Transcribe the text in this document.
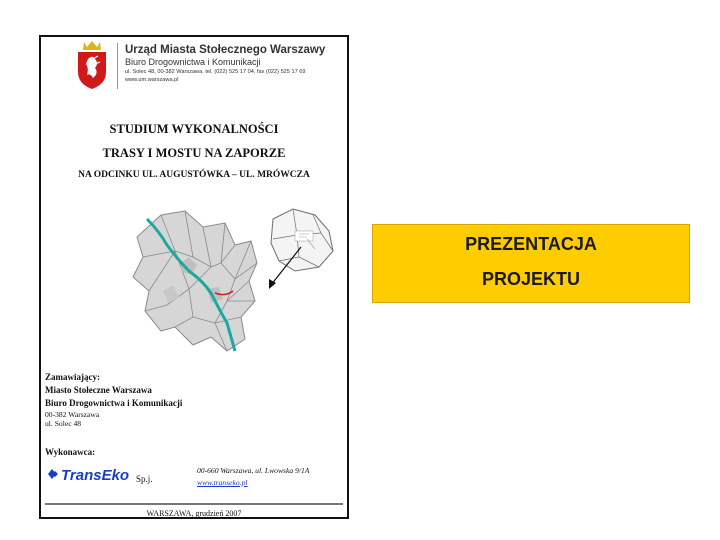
Urząd Miasta Stołecznego Warszawy
Biuro Drogownictwa i Komunikacji
ul. Solec 48, 00-382 Warszawa, tel. (022) 525 17 04, fax (022) 525 17 69
www.um.warszawa.pl
STUDIUM WYKONALNOŚCI
TRASY I MOSTU NA ZAPORZE
NA ODCINKU UL. AUGUSTÓWKA – UL. MRÓWCZA
Zamawiający:
Miasto Stołeczne Warszawa
Biuro Drogownictwa i Komunikacji
00-382 Warszawa
ul. Solec 48
Wykonawca:
TransEko Sp.j.
00-660 Warszawa, ul. Lwowska 9/1A
www.transeko.pl
WARSZAWA, grudzień 2007
PREZENTACJA
PROJEKTU
